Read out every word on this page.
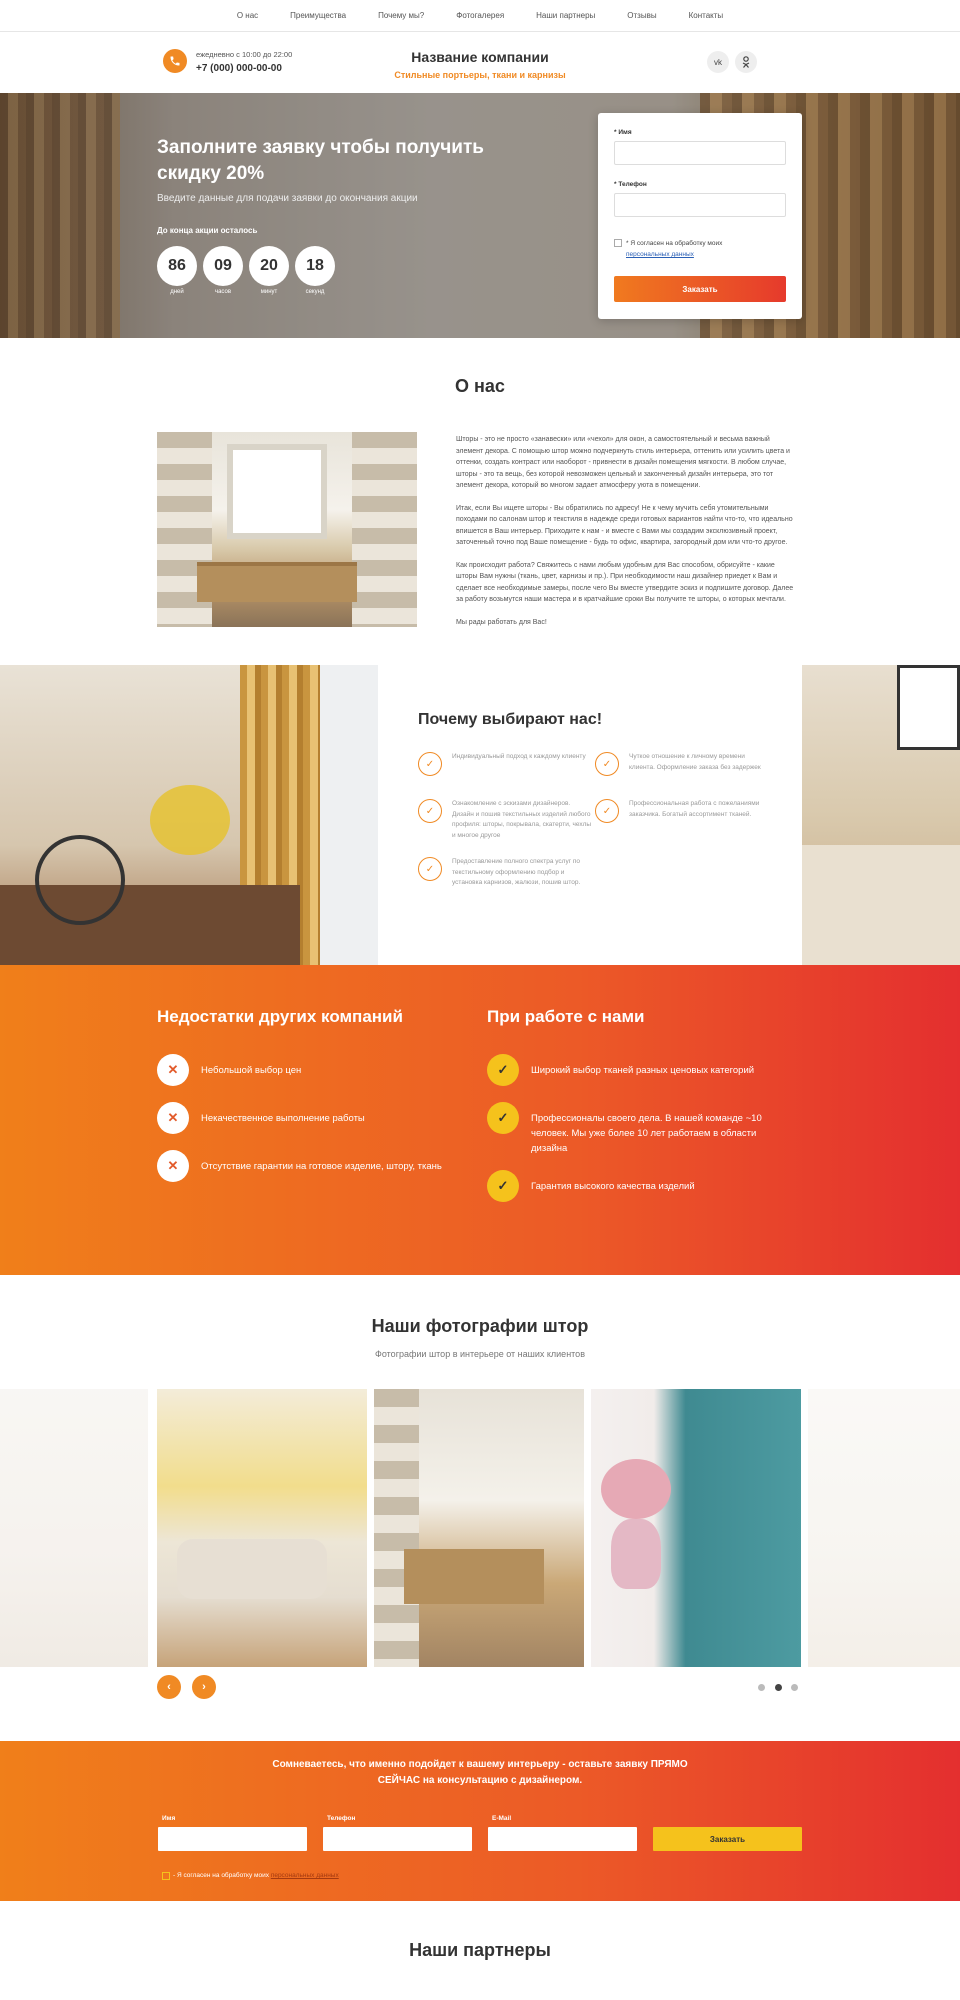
О нас	Преимущества	Почему мы?	Фотогалерея	Наши партнеры	Отзывы	Контакты
ежедневно с 10:00 до 22:00
+7 (000) 000-00-00
Название компании
Стильные портьеры, ткани и карнизы
vk
Заполните заявку чтобы получить скидку 20%
Введите данные для подачи заявки до окончания акции
До конца акции осталось
86
дней
09
часов
20
минут
18
секунд
* Имя
* Телефон
* Я согласен на обработку моих
персональных данных
Заказать
О нас

Шторы - это не просто «занавески» или «чехол» для окон, а самостоятельный и весьма важный элемент декора. С помощью штор можно подчеркнуть стиль интерьера, оттенить или усилить цвета и оттенки, создать контраст или наоборот - привнести в дизайн помещения мягкости. В любом случае, шторы - это та вещь, без которой невозможен цельный и законченный дизайн интерьера, это тот элемент декора, который во многом задает атмосферу уюта в помещении.

Итак, если Вы ищете шторы - Вы обратились по адресу! Не к чему мучить себя утомительными походами по салонам штор и текстиля в надежде среди готовых вариантов найти что-то, что идеально впишется в Ваш интерьер. Приходите к нам - и вместе с Вами мы создадим эксклюзивный проект, заточенный точно под Ваше помещение - будь то офис, квартира, загородный дом или что-то другое.

Как происходит работа? Свяжитесь с нами любым удобным для Вас способом, обрисуйте - какие шторы Вам нужны (ткань, цвет, карнизы и пр.). При необходимости наш дизайнер приедет к Вам и сделает все необходимые замеры, после чего Вы вместе утвердите эскиз и подпишите договор. Далее за работу возьмутся наши мастера и в кратчайшие сроки Вы получите те шторы, о которых мечтали.

Мы рады работать для Вас!

Почему выбирают нас!
✓
Индивидуальный подход к каждому клиенту
✓
Чуткое отношение к личному времени клиента. Оформление заказа без задержек
✓
Ознакомление с эскизами дизайнеров. Дизайн и пошив текстильных изделий любого профиля: шторы, покрывала, скатерти, чехлы и многое другое
✓
Профессиональная работа с пожеланиями заказчика. Богатый ассортимент тканей.
✓
Предоставление полного спектра услуг по текстильному оформлению подбор и установка карнизов, жалюзи, пошив штор.
Недостатки других компаний	При работе с нами
✕	Небольшой выбор цен
✕	Некачественное выполнение работы
✕	Отсутствие гарантии на готовое изделие, штору, ткань
✓	Широкий выбор тканей разных ценовых категорий
✓	Профессионалы своего дела. В нашей команде ~10 человек. Мы уже более 10 лет работаем в области дизайна
✓	Гарантия высокого качества изделий
Наши фотографии штор
Фотографии штор в интерьере от наших клиентов
‹	›
Сомневаетесь, что именно подойдет к вашему интерьеру - оставьте заявку ПРЯМО СЕЙЧАС на консультацию с дизайнером.
Имя	Телефон	E-Mail
Заказать
- Я согласен на обработку моих персональных данных
Наши партнеры
